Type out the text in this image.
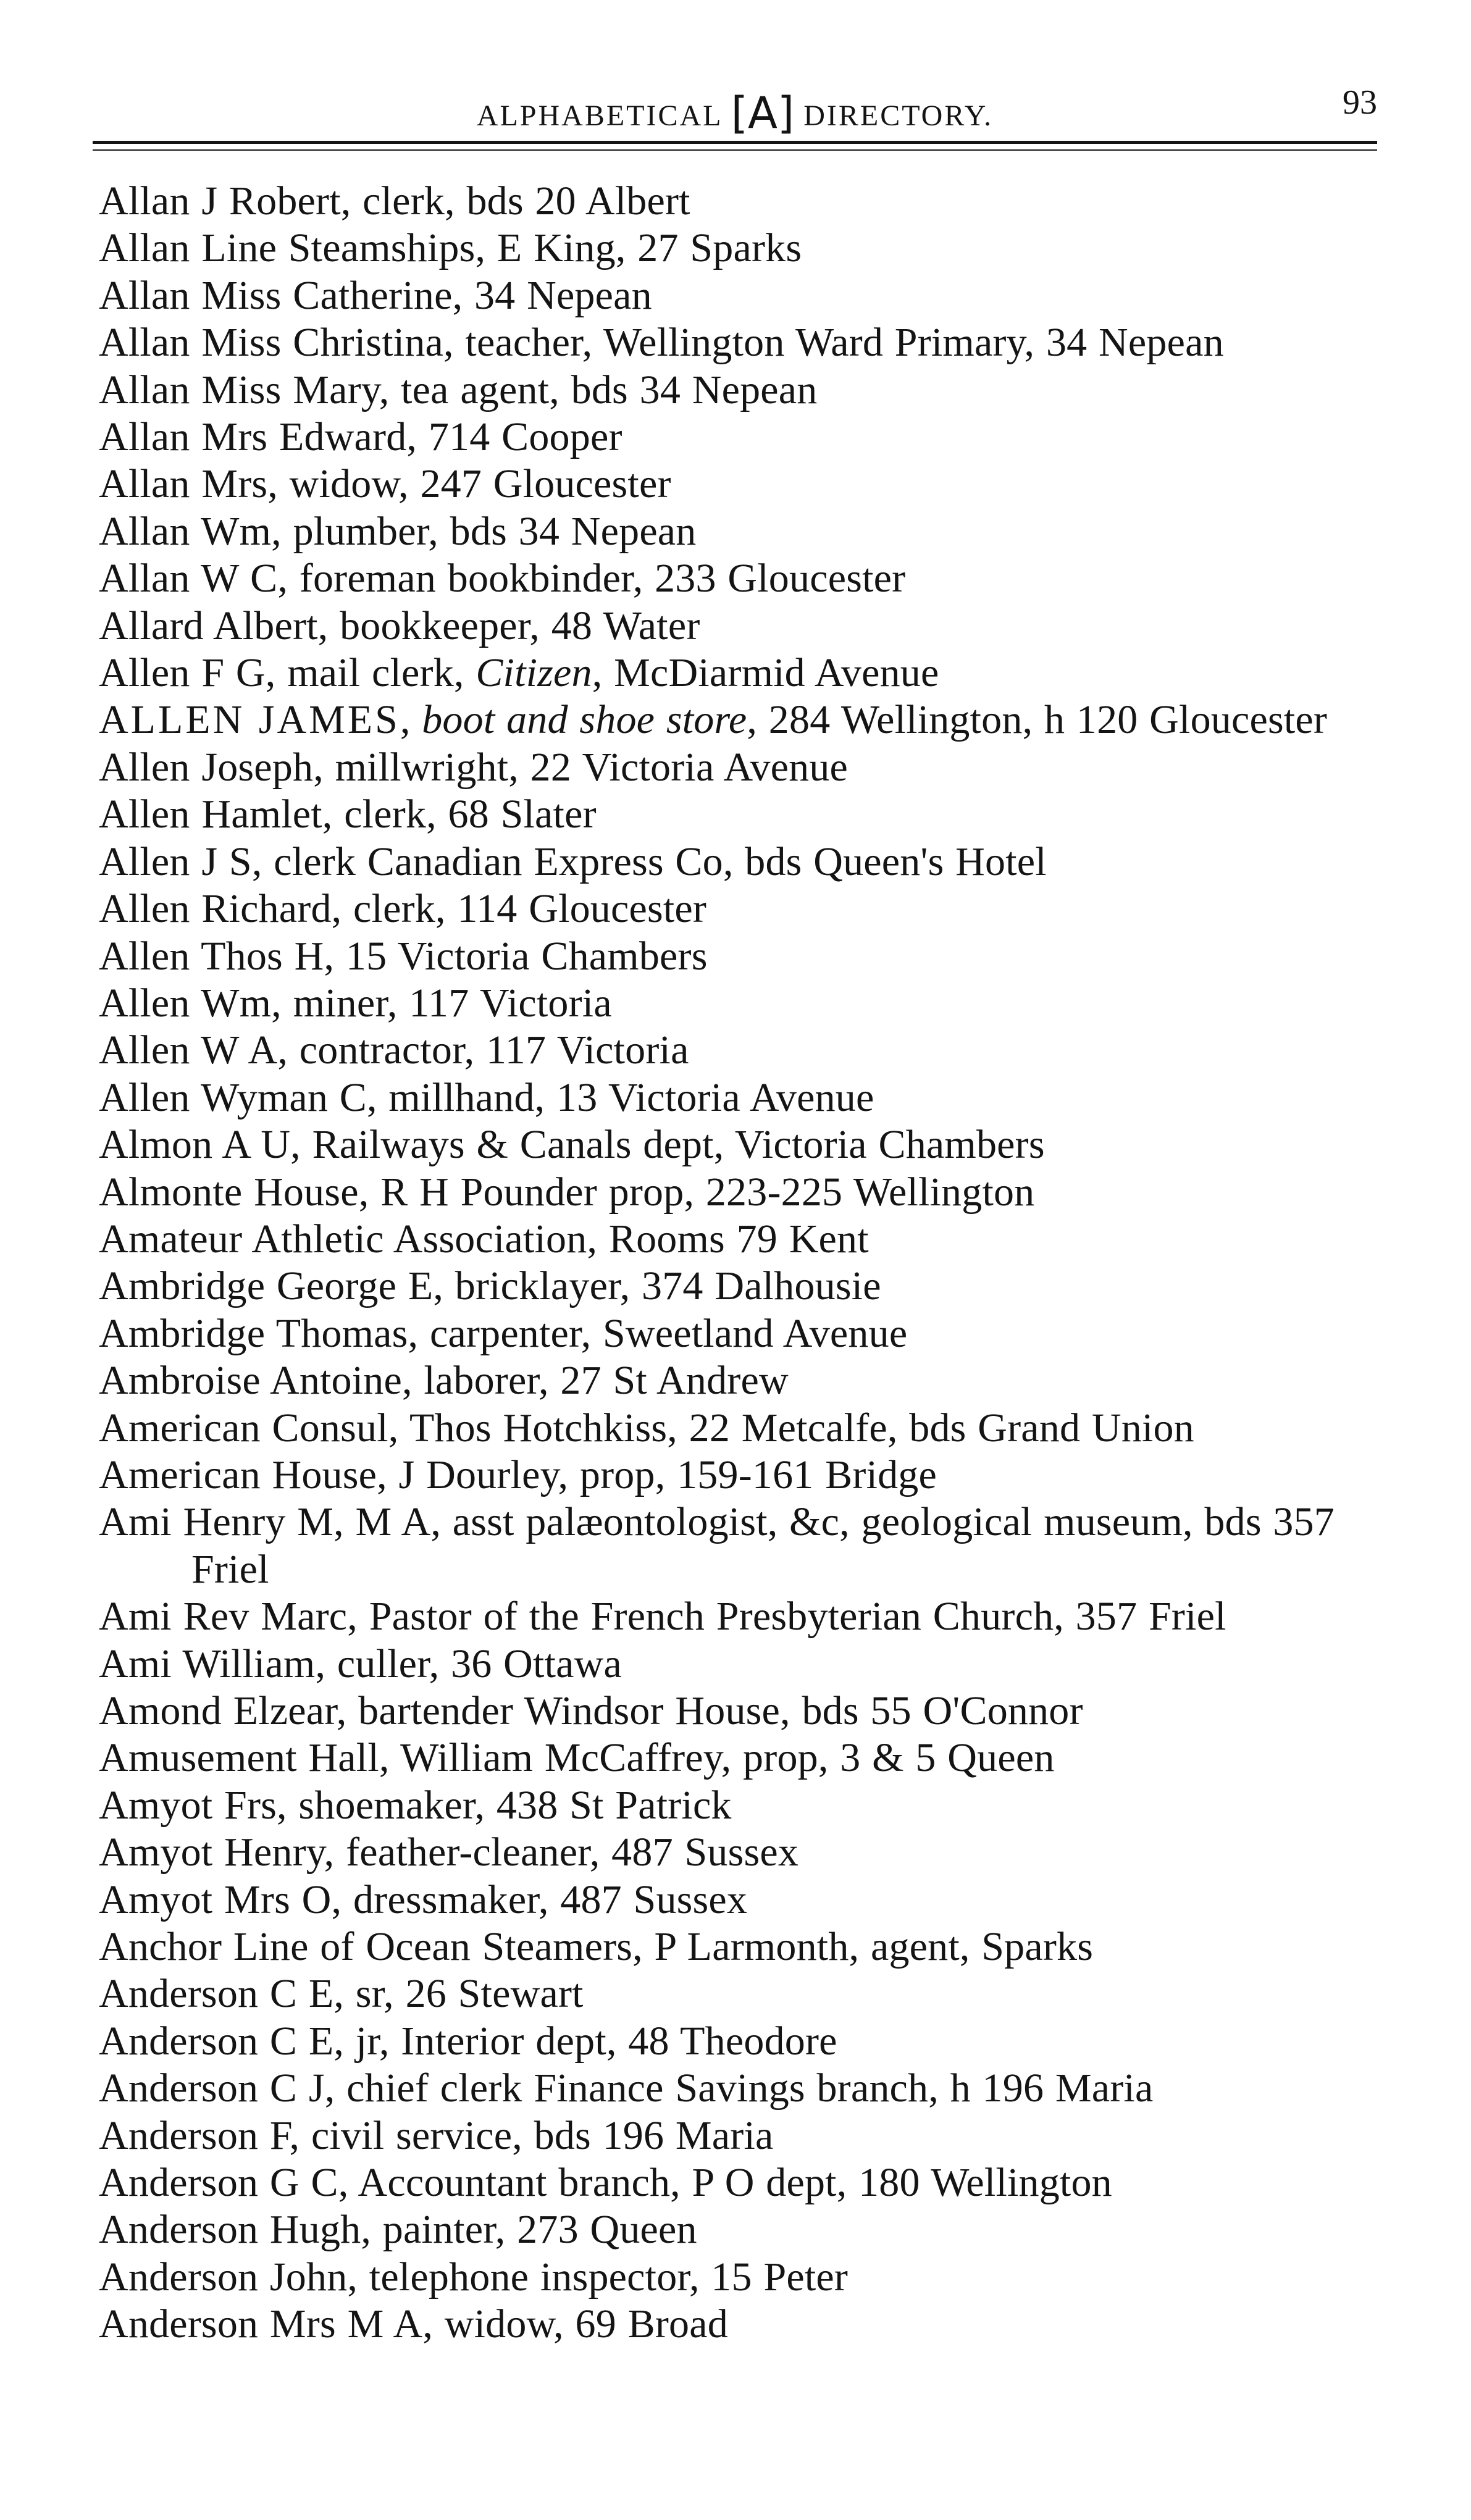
ALPHABETICAL [A] DIRECTORY.	93
Allan J Robert, clerk, bds 20 Albert
Allan Line Steamships, E King, 27 Sparks
Allan Miss Catherine, 34 Nepean
Allan Miss Christina, teacher, Wellington Ward Primary, 34 Nepean
Allan Miss Mary, tea agent, bds 34 Nepean
Allan Mrs Edward, 714 Cooper
Allan Mrs, widow, 247 Gloucester
Allan Wm, plumber, bds 34 Nepean
Allan W C, foreman bookbinder, 233 Gloucester
Allard Albert, bookkeeper, 48 Water
Allen F G, mail clerk, Citizen, McDiarmid Avenue
ALLEN JAMES, boot and shoe store, 284 Wellington, h 120 Gloucester
Allen Joseph, millwright, 22 Victoria Avenue
Allen Hamlet, clerk, 68 Slater
Allen J S, clerk Canadian Express Co, bds Queen's Hotel
Allen Richard, clerk, 114 Gloucester
Allen Thos H, 15 Victoria Chambers
Allen Wm, miner, 117 Victoria
Allen W A, contractor, 117 Victoria
Allen Wyman C, millhand, 13 Victoria Avenue
Almon A U, Railways & Canals dept, Victoria Chambers
Almonte House, R H Pounder prop, 223-225 Wellington
Amateur Athletic Association, Rooms 79 Kent
Ambridge George E, bricklayer, 374 Dalhousie
Ambridge Thomas, carpenter, Sweetland Avenue
Ambroise Antoine, laborer, 27 St Andrew
American Consul, Thos Hotchkiss, 22 Metcalfe, bds Grand Union
American House, J Dourley, prop, 159-161 Bridge
Ami Henry M, M A, asst palæontologist, &c, geological museum, bds 357 Friel
Ami Rev Marc, Pastor of the French Presbyterian Church, 357 Friel
Ami William, culler, 36 Ottawa
Amond Elzear, bartender Windsor House, bds 55 O'Connor
Amusement Hall, William McCaffrey, prop, 3 & 5 Queen
Amyot Frs, shoemaker, 438 St Patrick
Amyot Henry, feather-cleaner, 487 Sussex
Amyot Mrs O, dressmaker, 487 Sussex
Anchor Line of Ocean Steamers, P Larmonth, agent, Sparks
Anderson C E, sr, 26 Stewart
Anderson C E, jr, Interior dept, 48 Theodore
Anderson C J, chief clerk Finance Savings branch, h 196 Maria
Anderson F, civil service, bds 196 Maria
Anderson G C, Accountant branch, P O dept, 180 Wellington
Anderson Hugh, painter, 273 Queen
Anderson John, telephone inspector, 15 Peter
Anderson Mrs M A, widow, 69 Broad
